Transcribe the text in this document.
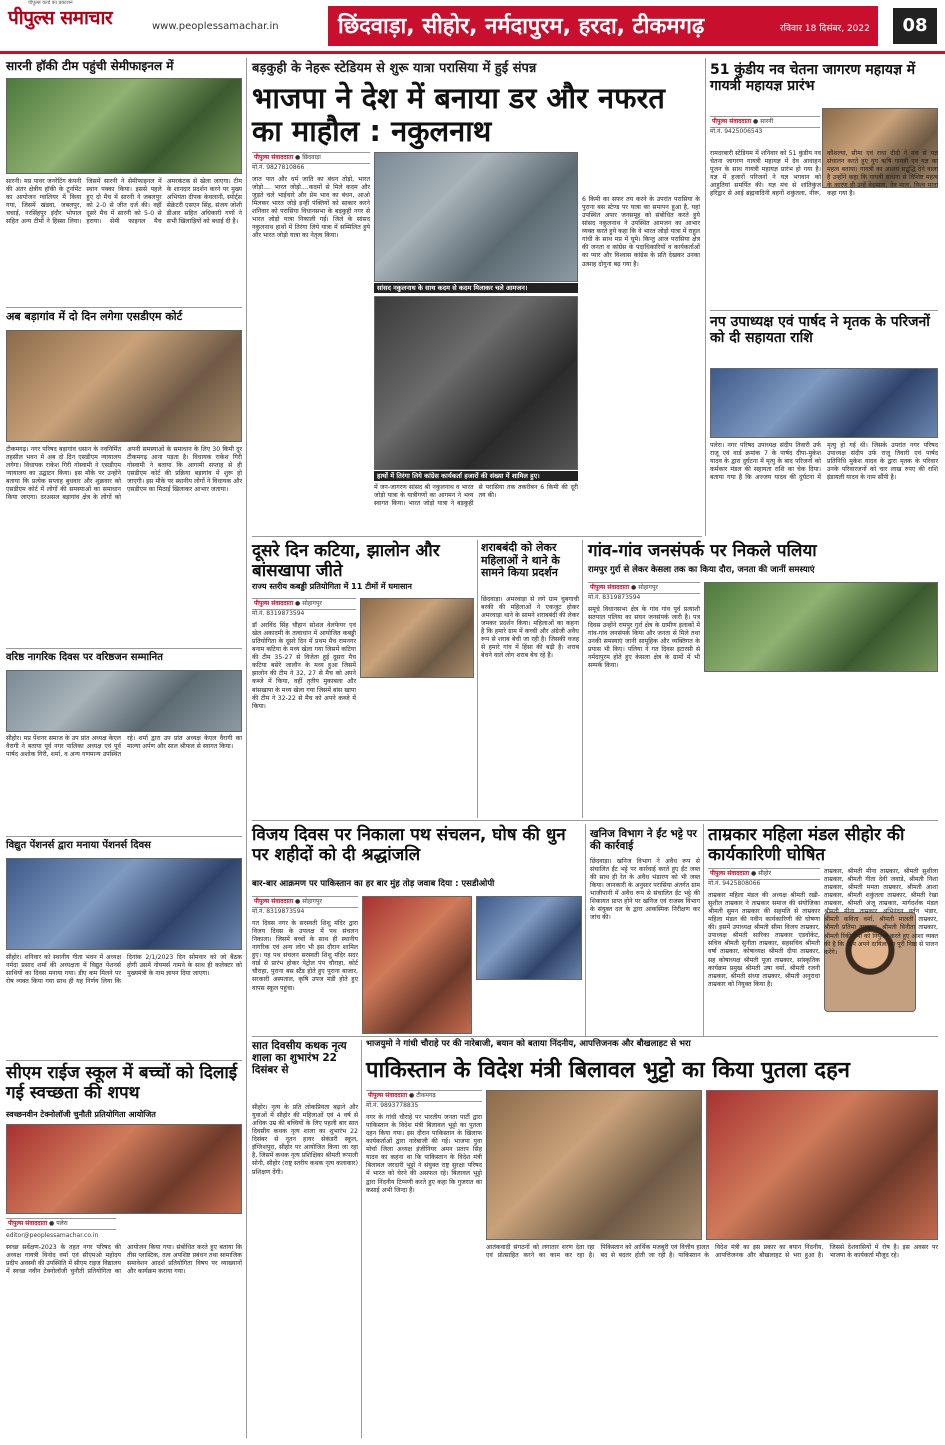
पीपुल्स वर्ल्ड का प्रकाशन
पीपुल्स समाचार	www.peoplessamachar.in	छिंदवाड़ा, सीहोर, नर्मदापुरम, हरदा, टीकमगढ़	रविवार 18 दिसंबर, 2022	08
सारनी हॉकी टीम पहुंची सेमीफाइनल में
सारनी। मप्र पावर जनरेटिंग कंपनी की अंतर क्षेत्रीय हॉकी के टूर्नामेंट का आयोजन ग्वालियर में किया गया, जिसमें खंडवा, जबलपुर, चचाई, नरसिंहपुर इंदौर भोपाल सहित अन्य टीमों ने हिस्सा लिया। जिसमें सारनी ने सेमीफाइनल में स्थान पक्का किया। इससे पहले हुए दो मैच में सारनी ने जबलपुर को 2-0 से जीत दर्ज की। वहीं दूसरे मैच में सारनी को 5-0 से हराया। सेमी फाइनल मैच अमरकंटक से खेला जाएगा। टीम के शानदार प्रदर्शन करने पर मुख्य अभियंता दीपक केवलानी, स्पोर्ट्स सेक्रेटरी एसएन सिंह, संजय जोशी डीआर सहित अधिकारी गणों ने सभी खिलाड़ियों को बधाई दी है।
अब बड़ागांव में दो दिन लगेगा एसडीएम कोर्ट
टीकमगढ़। नगर परिषद बड़ागांव धसान के नवनिर्मित तहसील भवन में अब दो दिन एसडीएम न्यायालय लगेगा। विधायक राकेश गिरी गोस्वामी ने एसडीएम न्यायालय का उद्घाटन किया। इस मौके पर उन्होंने बताया कि प्रत्येक सप्ताह बुधवार और शुक्रवार को एसडीएम कोर्ट में लोगों की समस्याओं का समाधान किया जाएगा। दरअसल बड़ागांव क्षेत्र के लोगों को अपनी समस्याओं के समाधान के लिए 30 किमी दूर टीकमगढ़ आना पड़ता है। विधायक राकेश गिरी गोस्वामी ने बताया कि आगामी सप्ताह से ही एसडीएम कोर्ट की प्रक्रिया बड़ागांव में शुरू हो जाएगी। इस मौके पर स्थानीय लोगों ने विधायक और एसडीएम का मिठाई खिलाकर आभार जताया।
वरिष्ठ नागरिक दिवस पर वरिष्ठजन सम्मानित
सीहोर। मप्र पेंशनर समाज के उप प्रांत अध्यक्ष केएल वैरागी ने बताया पूर्व नगर पालिका अध्यक्ष एवं पूर्व पार्षद अशोक गिरी, शर्मा, व अन्य गणमान्य उपस्थित रहे। शर्मा द्वारा उप प्रांत अध्यक्ष केएल वैरागी का माल्या अर्पण और साल श्रीफल से स्वागत किया।
विद्युत पेंशनर्स द्वारा मनाया पेंशनर्स दिवस
सीहोर। शनिवार को स्थानीय गीता भवन में अध्यक्ष नर्मदा प्रसाद शर्मा की अध्यक्षता में विद्युत पेंशनर्स साथियों का दिवस मनाया गया। डीए कम मिलने पर रोष व्यक्त किया गया साथ ही यह निर्णय लिया कि दिनांक 2/1/2023 दिन सोमवार को जो बैठक होगी उसमें नोयमर्स नामने के साथ ही कलेक्टर को मुख्यमंत्री के नाम ज्ञापन दिया जाएगा।
सीएम राईज स्कूल में बच्चों को दिलाई गई स्वच्छता की शपथ
स्वच्छनवीन टेक्नोलॉजी चुनौती प्रतियोगिता आयोजित
पीपुल्स संवाददाता ● पलेरा
editor@peoplessamachar.co.in
स्वच्छ सर्वेक्षण-2023 के तहत नगर परिषद की अध्यक्ष गायत्री विनोद वर्मा एवं सीएमओ महोदय प्रदीप अवस्थी की उपस्थिति में सीएम राइज विद्यालय में स्वच्छ नवीन टेक्नोलॉजी चुनौती प्रतियोगिता का आयोजन किया गया। संबोधित करते हुए बताया कि तीस प्लास्टिक, तत्व अपशिष्ट प्रबंधन तथा सामाजिक समावेशन आदर्श प्रतियोगिता विषय पर व्याख्यानों और कार्यक्रम कराया गया।
बड़कुही के नेहरू स्टेडियम से शुरू यात्रा परासिया में हुई संपन्न
भाजपा ने देश में बनाया डर और नफरत का माहौल : नकुलनाथ
पीपुल्स संवाददाता ● छिंदवाड़ा
मो.नं. 9827810866
जात पात और धर्म जाति का बंधन तोड़ो, भारत जोड़ो.... भारत जोड़ो....कदमों से मिले कदम और जुड़ते चले भाईचारे और प्रेम भाव का बंधन, आओ मिलकर भारत जोड़े इन्हीं पंक्तियों को साकार करने शनिवार को परासिया विधानसभा के बड़कुही नगर से भारत जोड़ो यात्रा निकाली गई। जिले के सांसद नकुलनाथ हाथों में तिरंगा लिये यात्रा में सम्मिलित हुये और भारत जोड़ो यात्रा का नेतृत्व किया।
सांसद नकुलनाथ के साथ कदम से कदम मिलाकर चले आमजन।
हाथों में तिरंगा लिये कांग्रेस कार्यकर्ता हजारों की संख्या में शामिल हुए।
में जन-जागरण सांसद श्री नकुलनाथ व भारत जोड़ो यात्रा के यात्रीगणों का आगमन ने भव्य स्वागत किया। भारत जोड़ो यात्रा ने बड़कुही से परासिया तक तकरीबन 6 किमी की दूरी तय की।
6 किमी का सफर तय करने के उपरांत परासिया के पुराना बस स्टेण्ड पर यात्रा का समापन हुआ है, यहां उपस्थित अपार जनसमूह को संबोधित करते हुये सांसद नकुलनाथ ने उपस्थित आमजन का आभार व्यक्त करते हुये कहा कि वे भारत जोड़ो यात्रा में राहुल गांधी के साथ मप्र में घूमे। किन्तु आज परासिया क्षेत्र की जनता व कांग्रेस के पदाधिकारियों व कार्यकर्ताओं का प्यार और विश्वास कांग्रेस के प्रति देखकर उनका उत्साह दोगुना बढ़ गया है।
दूसरे दिन कटिया, झालोन और बांसखापा जीते
राज्य स्तरीय कबड्डी प्रतियोगिता में 11 टीमों में घमासान
पीपुल्स संवाददाता ● सोहागपुर
मो.नं. 8319873594
डॉ अरविंद सिंह चौहान सोशल वेलफेयर एवं खेल अकादमी के तत्वाधान में आयोजित कबड्डी प्रतियोगिता के दूसरे दिन में प्रथम मैच रामनगर बनाम कटिया के मध्य खेला गया जिसमें कटिया की टीम 35-27 से विजेता हुई दूसरा मैच कटिया बसेरे जालौन के मध्य हुआ जिसमें झालोन की टीम ने 32, 27 से मैच को अपने कब्जे में किया, वहीं तृतीय मुकाबला और बांसखापा के मध्य खेला गया जिसमें बांस खापा की टीम ने 32-22 से मैच को अपने कब्जे में किया।
शराबबंदी को लेकर महिलाओं ने थाने के सामने किया प्रदर्शन
छिंदवाड़ा। अमरवाड़ा से लगे ग्राम चुबगाची बरकी की महिलाओं ने एकजुट होकर अमरवाड़ा थाने के सामने शराबबंदी की लेकर जमकर प्रदर्शन किया। महिलाओं का कहना है कि हमारे ग्राम में कच्ची और अंग्रेजी अवैध रूप से शराब बेची जा रही है। जिसकी वजह से हमारे गांव में हिंसा की बढ़ी है। शराब बेचने वाले लोग शराब बेच रहे हैं।
गांव-गांव जनसंपर्क पर निकले पलिया
रामपुर गुर्रा से लेकर केसला तक का किया दौरा, जनता की जानीं समस्याएं
पीपुल्स संवाददाता ● सोहागपुर
मो.नं. 8319873594
समूचे विधानसभा क्षेत्र के गांव गांव पूर्व प्रत्याशी सतपाल पलिया का सघन जनसंपर्क जारी है। पत्र दिवस उन्होंने रामपुर गुर्रा क्षेत्र के ग्रामीण इलाकों में गांव-गांव जनसंपर्क किया और जनता से मिले तथा उनकी समस्याएं जानी सामूहिक और व्यक्तिगत के प्रयास भी किए। पलिया ने गत दिवस इटारसी से नर्मदापुरम होते हुए केसला क्षेत्र के ग्रामों में भी सम्पर्क किया।
विजय दिवस पर निकाला पथ संचलन, घोष की धुन पर शहीदों को दी श्रद्धांजलि
बार-बार आक्रमण पर पाकिस्तान का हर बार मुंह तोड़ जवाब दिया : एसडीओपी
पीपुल्स संवाददाता ● सोहागपुर
मो.नं. 8319873594
गत दिवस नगर के सरस्वती शिशु मंदिर द्वारा विजय दिवस के उपलक्ष में पथ संचलन निकाला। जिसमें बच्चों के साथ ही स्थानीय नागरिक एवं अन्य लोग भी इस दौरान शामिल हुए। यह पथ संचलन सरस्वती शिशु मंदिर सदर वार्ड से प्रारंभ होकर पेट्रोल पंप चौराहा, कोर्ट चौराहा, पुराना बस स्टैंड होते हुए पुराना बाजार, सरकारी अस्पताल, कृषि उपज मंडी होते हुए वापस स्कूल पहुंचा।
खनिज विभाग ने ईंट भट्टे पर की कार्रवाई
छिंदवाड़ा। खनिज विभाग ने अवैध रूप से संचालित ईंट भट्टे पर कार्रवाई करते हुए ईंट जब्त की साथ ही रेत के अवैध भंडारण को भी जब्त किया। जानकारी के अनुसार परासिया अंतर्गत ग्राम भाजीपानी में अवैध रूप से संचालित ईंट भट्टे की शिकायत प्राप्त होने पर खनिज एवं राजस्व विभाग के संयुक्त दल के द्वारा आकस्मिक निरीक्षण कर जांच की।
ताम्रकार महिला मंडल सीहोर की कार्यकारिणी घोषित
पीपुल्स संवाददाता ● सीहोर
मो.नं. 9425808066
ताम्रकार महिला मंडल की अध्यक्ष श्रीमती रखी-सुशील ताम्रकार ने ताम्रकार समाज की संयोजिका श्रीमती सुमन ताम्रकार की सहमति से ताम्रकार महिला मंडल की नवीन कार्यकारिणी की घोषणा की। इसमें उपाध्यक्ष श्रीमती सीमा विजय ताम्रकार, उपाध्यक्ष श्रीमती सारिका ताम्रकार एडवोकेट, सचिव श्रीमती सुनीता ताम्रकार, सहसचिव श्रीमती वर्षा ताम्रकार, कोषाध्यक्ष श्रीमती दीपा ताम्रकार, सह कोषाध्यक्ष श्रीमती पूजा ताम्रकार, सांस्कृतिक कार्यक्रम प्रमुख श्रीमती उषा वर्मा, श्रीमती रजनी ताम्रकार, श्रीमती संध्या ताम्रकार, श्रीमती अनुराधा ताम्रकार को नियुक्त किया है।
ताम्रकार, श्रीमती मीना ताम्रकार, श्रीमती सुशीला ताम्रकार, श्रीमती गीता देवी जवाडे, श्रीमती निशा ताम्रकार, श्रीमती ममता ताम्रकार, श्रीमती आशा ताम्रकार, श्रीमती शकुंतला ताम्रकार, श्रीमती रेखा ताम्रकार, श्रीमती अंजू ताम्रकार, मार्गदर्शक मंडल श्रीमती मीना ताम्रकार अभिनंदन वर्तन भंडार, श्रीमती कविता वर्मा, श्रीमती मालती ताम्रकार, श्रीमती प्रतिमा ताम्रकार, श्रीमती विनीता ताम्रकार, श्रीमती रिंकी वर्मा को नियुक्त करते हुए आशा व्यक्त की है कि आप अपने दायित्व का पूरी निष्ठा से पालन करेंगे।
सात दिवसीय कथक नृत्य शाला का शुभारंभ 22 दिसंबर से
सीहोर। नृत्य के प्रति लोकप्रियता बढ़ाने और युवाओं में सीहोर की महिलाओं एवं 4 वर्ष से अधिक उम्र की बच्चियों के लिए पहली बार सात दिवसीय कथक नृत्य शाला का शुभारंभ 22 दिसंबर से नूतन हायर सेकंडरी स्कूल, इंग्लिशपुरा, सीहोर पर आयोजित किया जा रहा है, जिसमें कथक नृत्य प्रशिक्षिका श्रीमती रूपाली सोनी, सीहोर (राष्ट्र स्तरीय कथक नृत्य कलाकार) प्रशिक्षण देंगी।
भाजयुमो ने गांधी चौराहे पर की नारेबाजी, बयान को बताया निंदनीय, आपत्तिजनक और बौखलाहट से भरा
पाकिस्तान के विदेश मंत्री बिलावल भुट्टो का किया पुतला दहन
पीपुल्स संवाददाता ● टीकमगढ़
मो.नं. 9893778835
नगर के गांधी चौराहे पर भारतीय जनता पार्टी द्वारा पाकिस्तान के विदेश मंत्री बिलावल भुट्टो का पुतला दहन किया गया। इस दौरान पाकिस्तान के खिलाफ कार्यकर्ताओं द्वारा नारेबाजी की गई। भाजपा युवा मोर्चा जिला अध्यक्ष इंजीनियर अमन प्रताप सिंह यादव का कहना था कि पाकिस्तान के विदेश मंत्री बिलावल जरदारी भुट्टो ने संयुक्त राष्ट्र सुरक्षा परिषद में भारत को घेरने की असफल रहे। बिलावल भुट्टो द्वारा निंदनीय टिप्पणी करते हुए कहा कि गुजरात का कसाई अभी जिन्दा है।
आतंकवादी संगठनों को लगातार शरण देता रहा एवं प्रोत्साहित करने का काम कर रहा है। पिकिस्तान को आर्थिक मजबूरी एवं वित्तीय हालत बद से बदतर होती जा रही है। पाकिस्तान के विदेश मंत्री का इस प्रकार का बयान निंदनीय, आपत्तिजनक और बौखलाहट से भरा हुआ है। जिससे देशवासियों में रोष है। इस अवसर पर भाजपा के कार्यकर्ता मौजूद रहे।
51 कुंडीय नव चेतना जागरण महायज्ञ में गायत्री महायज्ञ प्रारंभ
पीपुल्स संवाददाता ● सारनी
मो.नं. 9425006543
रामदरबारी स्टेडियम में शनिवार को 51 कुंडीय नव चेतना जागरण गायत्री महायज्ञ में देव आवाहन पूजन के साथ गायत्री महायज्ञ प्रारंभ हो गया है। यज्ञ में हजारों परिजनों ने यज्ञ भगवान को आहुतियां समर्पित की। यज्ञ मंच से शांतिकुंज हरिद्वार से आई ब्रह्मवादिनी बहनों शकुंतला, नीरू, कौशल्या, सीमा एवं राधा दीदी ने मंच से यज्ञ संचालन करते हुए युग ऋषि गायत्री एवं यज्ञ का महत्व बताया। गायत्री का आशय सद्बुद्धि देने वाला है उन्होंने कहा कि गायत्री साधना से विशिष्ट महत्व के कारण ही उन्हें वेदमाता, देव माता, विश्व माता कहा गया है।
नप उपाध्यक्ष एवं पार्षद ने मृतक के परिजनों को दी सहायता राशि
पलेरा। नगर परिषद उपाध्यक्ष संदीप तिवारी उर्फ राजू एवं वार्ड क्रमांक 7 के पार्षद दीपा-मुकेश यादव के द्वारा दुर्घटना में मृत्यु के बाद परिजनों को कर्मकार मंडल की सहायता राशि का चेक दिया। बताया गया है कि अज्जय यादव की दुर्घटना में मृत्यु हो गई थी। जिसके उपरांत नगर परिषद उपाध्यक्ष संदीप उर्फ राजू तिवारी एवं पार्षद प्रतिनिधि मुकेश यादव के द्वारा मृतक के परिवार उनके परिवारजनों को चार लाख रुपए की राशि इंडायली यादव के नाम सौंपी है।
